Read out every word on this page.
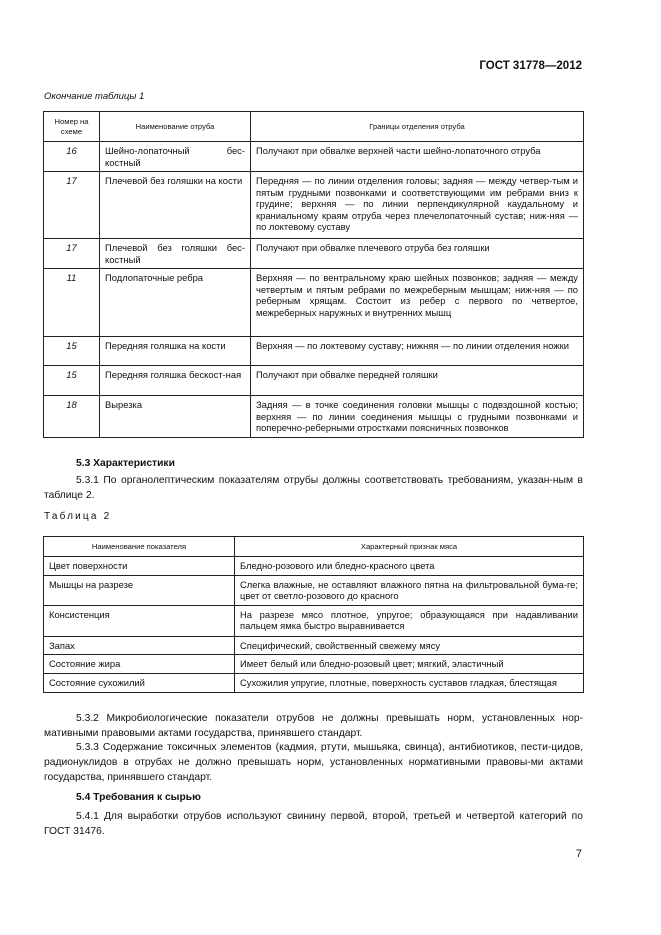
ГОСТ 31778—2012
Окончание таблицы 1
Номер на схеме	Наименование отруба	Границы отделения отруба
16	Шейно-лопаточный бес-костный	Получают при обвалке верхней части шейно-лопаточного отруба
17	Плечевой без голяшки на кости	Передняя — по линии отделения головы; задняя — между четвер-тым и пятым грудными позвонками и соответствующими им ребрами вниз к грудине; верхняя — по линии перпендикулярной каудальному и краниальному краям отруба через плечелопаточный сустав; ниж-няя — по локтевому суставу
17	Плечевой без голяшки бес-костный	Получают при обвалке плечевого отруба без голяшки
11	Подлопаточные ребра	Верхняя — по вентральному краю шейных позвонков; задняя — между четвертым и пятым ребрами по межреберным мышцам; ниж-няя — по реберным хрящам. Состоит из ребер с первого по четвертое, межреберных наружных и внутренних мышц
15	Передняя голяшка на кости	Верхняя — по локтевому суставу; нижняя — по линии отделения ножки
15	Передняя голяшка бескост-ная	Получают при обвалке передней голяшки
18	Вырезка	Задняя — в точке соединения головки мышцы с подвздошной костью; верхняя — по линии соединения мышцы с грудными позвонками и поперечно-реберными отростками поясничных позвонков
5.3 Характеристики

5.3.1 По органолептическим показателям отрубы должны соответствовать требованиям, указан-ным в таблице 2.

Таблица 2
Наименование показателя	Характерный признак мяса
Цвет поверхности	Бледно-розового или бледно-красного цвета
Мышцы на разрезе	Слегка влажные, не оставляют влажного пятна на фильтровальной бума-ге; цвет от светло-розового до красного
Консистенция	На разрезе мясо плотное, упругое; образующаяся при надавливании пальцем ямка быстро выравнивается
Запах	Специфический, свойственный свежему мясу
Состояние жира	Имеет белый или бледно-розовый цвет; мягкий, эластичный
Состояние сухожилий	Сухожилия упругие, плотные, поверхность суставов гладкая, блестящая

5.3.2 Микробиологические показатели отрубов не должны превышать норм, установленных нор-мативными правовыми актами государства, принявшего стандарт.

5.3.3 Содержание токсичных элементов (кадмия, ртути, мышьяка, свинца), антибиотиков, пести-цидов, радионуклидов в отрубах не должно превышать норм, установленных нормативными правовы-ми актами государства, принявшего стандарт.

5.4 Требования к сырью

5.4.1 Для выработки отрубов используют свинину первой, второй, третьей и четвертой категорий по ГОСТ 31476.

7
